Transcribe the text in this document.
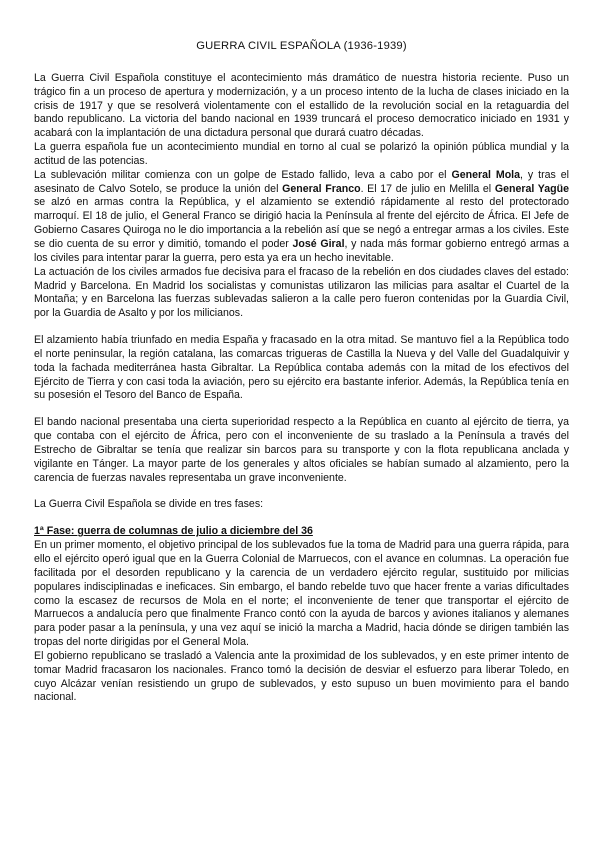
GUERRA CIVIL ESPAÑOLA (1936-1939)

La Guerra Civil Española constituye el acontecimiento más dramático de nuestra historia reciente. Puso un trágico fin a un proceso de apertura y modernización, y a un proceso intento de la lucha de clases iniciado en la crisis de 1917 y que se resolverá violentamente con el estallido de la revolución social en la retaguardia del bando republicano. La victoria del bando nacional en 1939 truncará el proceso democratico iniciado en 1931 y acabará con la implantación de una dictadura personal que durará cuatro décadas.

La guerra española fue un acontecimiento mundial en torno al cual se polarizó la opinión pública mundial y la actitud de las potencias.

La sublevación militar comienza con un golpe de Estado fallido, leva a cabo por el General Mola, y tras el asesinato de Calvo Sotelo, se produce la unión del General Franco. El 17 de julio en Melilla el General Yagüe se alzó en armas contra la República, y el alzamiento se extendió rápidamente al resto del protectorado marroquí. El 18 de julio, el General Franco se dirigió hacia la Península al frente del ejército de África. El Jefe de Gobierno Casares Quiroga no le dio importancia a la rebelión así que se negó a entregar armas a los civiles. Este se dio cuenta de su error y dimitió, tomando el poder José Giral, y nada más formar gobierno entregó armas a los civiles para intentar parar la guerra, pero esta ya era un hecho inevitable.

La actuación de los civiles armados fue decisiva para el fracaso de la rebelión en dos ciudades claves del estado: Madrid y Barcelona. En Madrid los socialistas y comunistas utilizaron las milicias para asaltar el Cuartel de la Montaña; y en Barcelona las fuerzas sublevadas salieron a la calle pero fueron contenidas por la Guardia Civil, por la Guardia de Asalto y por los milicianos.

El alzamiento había triunfado en media España y fracasado en la otra mitad. Se mantuvo fiel a la República todo el norte peninsular, la región catalana, las comarcas trigueras de Castilla la Nueva y del Valle del Guadalquivir y toda la fachada mediterránea hasta Gibraltar. La República contaba además con la mitad de los efectivos del Ejército de Tierra y con casi toda la aviación, pero su ejército era bastante inferior. Además, la República tenía en su posesión el Tesoro del Banco de España.

El bando nacional presentaba una cierta superioridad respecto a la República en cuanto al ejército de tierra, ya que contaba con el ejército de África, pero con el inconveniente de su traslado a la Península a través del Estrecho de Gibraltar se tenía que realizar sin barcos para su transporte y con la flota republicana anclada y vigilante en Tánger. La mayor parte de los generales y altos oficiales se habían sumado al alzamiento, pero la carencia de fuerzas navales representaba un grave inconveniente.

La Guerra Civil Española se divide en tres fases:

1ª Fase: guerra de columnas de julio a diciembre del 36

En un primer momento, el objetivo principal de los sublevados fue la toma de Madrid para una guerra rápida, para ello el ejército operó igual que en la Guerra Colonial de Marruecos, con el avance en columnas. La operación fue facilitada por el desorden republicano y la carencia de un verdadero ejército regular, sustituido por milicias populares indisciplinadas e ineficaces. Sin embargo, el bando rebelde tuvo que hacer frente a varias dificultades como la escasez de recursos de Mola en el norte; el inconveniente de tener que transportar el ejército de Marruecos a andalucía pero que finalmente Franco contó con la ayuda de barcos y aviones italianos y alemanes para poder pasar a la península, y una vez aquí se inició la marcha a Madrid, hacia dónde se dirigen también las tropas del norte dirigidas por el General Mola.

El gobierno republicano se trasladó a Valencia ante la proximidad de los sublevados, y en este primer intento de tomar Madrid fracasaron los nacionales. Franco tomó la decisión de desviar el esfuerzo para liberar Toledo, en cuyo Alcázar venían resistiendo un grupo de sublevados, y esto supuso un buen movimiento para el bando nacional.
